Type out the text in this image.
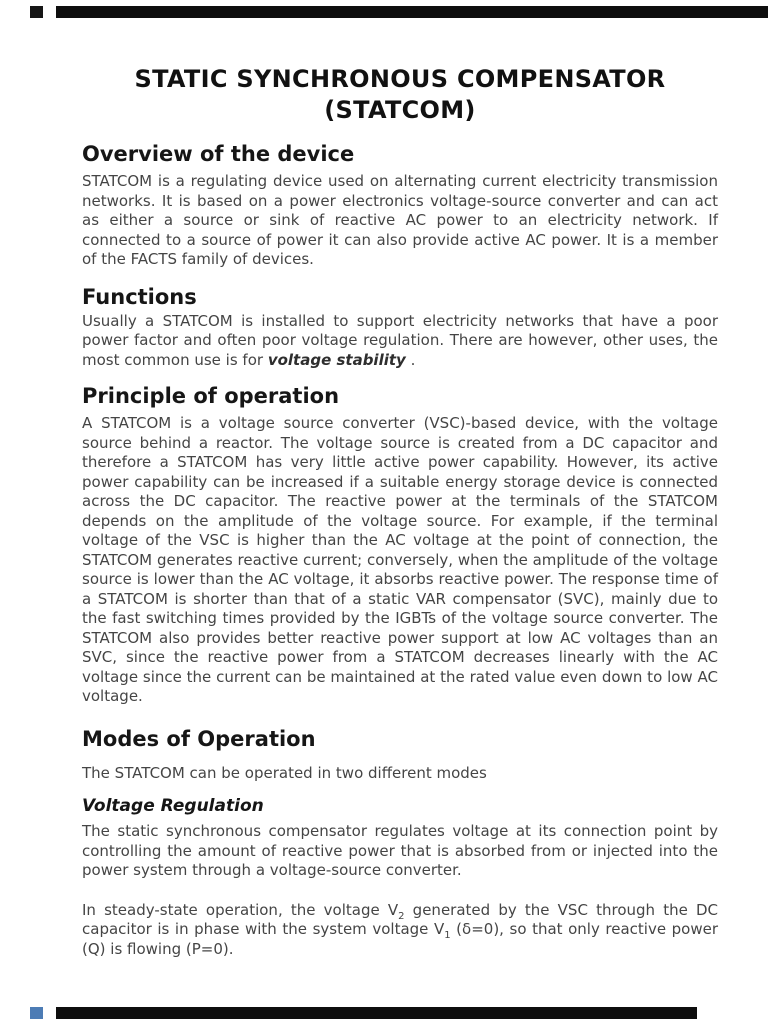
STATIC SYNCHRONOUS COMPENSATOR
(STATCOM)
Overview of the device

STATCOM is a regulating device used on alternating current electricity transmission networks. It is based on a power electronics voltage-source converter and can act as either a source or sink of reactive AC power to an electricity network. If connected to a source of power it can also provide active AC power. It is a member of the FACTS family of devices.

Functions

Usually a STATCOM is installed to support electricity networks that have a poor power factor and often poor voltage regulation. There are however, other uses, the most common use is for voltage stability .

Principle of operation

A STATCOM is a voltage source converter (VSC)-based device, with the voltage source behind a reactor. The voltage source is created from a DC capacitor and therefore a STATCOM has very little active power capability. However, its active power capability can be increased if a suitable energy storage device is connected across the DC capacitor. The reactive power at the terminals of the STATCOM depends on the amplitude of the voltage source. For example, if the terminal voltage of the VSC is higher than the AC voltage at the point of connection, the STATCOM generates reactive current; conversely, when the amplitude of the voltage source is lower than the AC voltage, it absorbs reactive power. The response time of a STATCOM is shorter than that of a static VAR compensator (SVC), mainly due to the fast switching times provided by the IGBTs of the voltage source converter. The STATCOM also provides better reactive power support at low AC voltages than an SVC, since the reactive power from a STATCOM decreases linearly with the AC voltage since the current can be maintained at the rated value even down to low AC voltage.

Modes of Operation

The STATCOM can be operated in two different modes

Voltage Regulation

The static synchronous compensator regulates voltage at its connection point by controlling the amount of reactive power that is absorbed from or injected into the power system through a voltage-source converter.

In steady-state operation, the voltage $V_2$ generated by the VSC through the DC capacitor is in phase with the system voltage $V_1$ (δ=0), so that only reactive power (Q) is flowing (P=0).
